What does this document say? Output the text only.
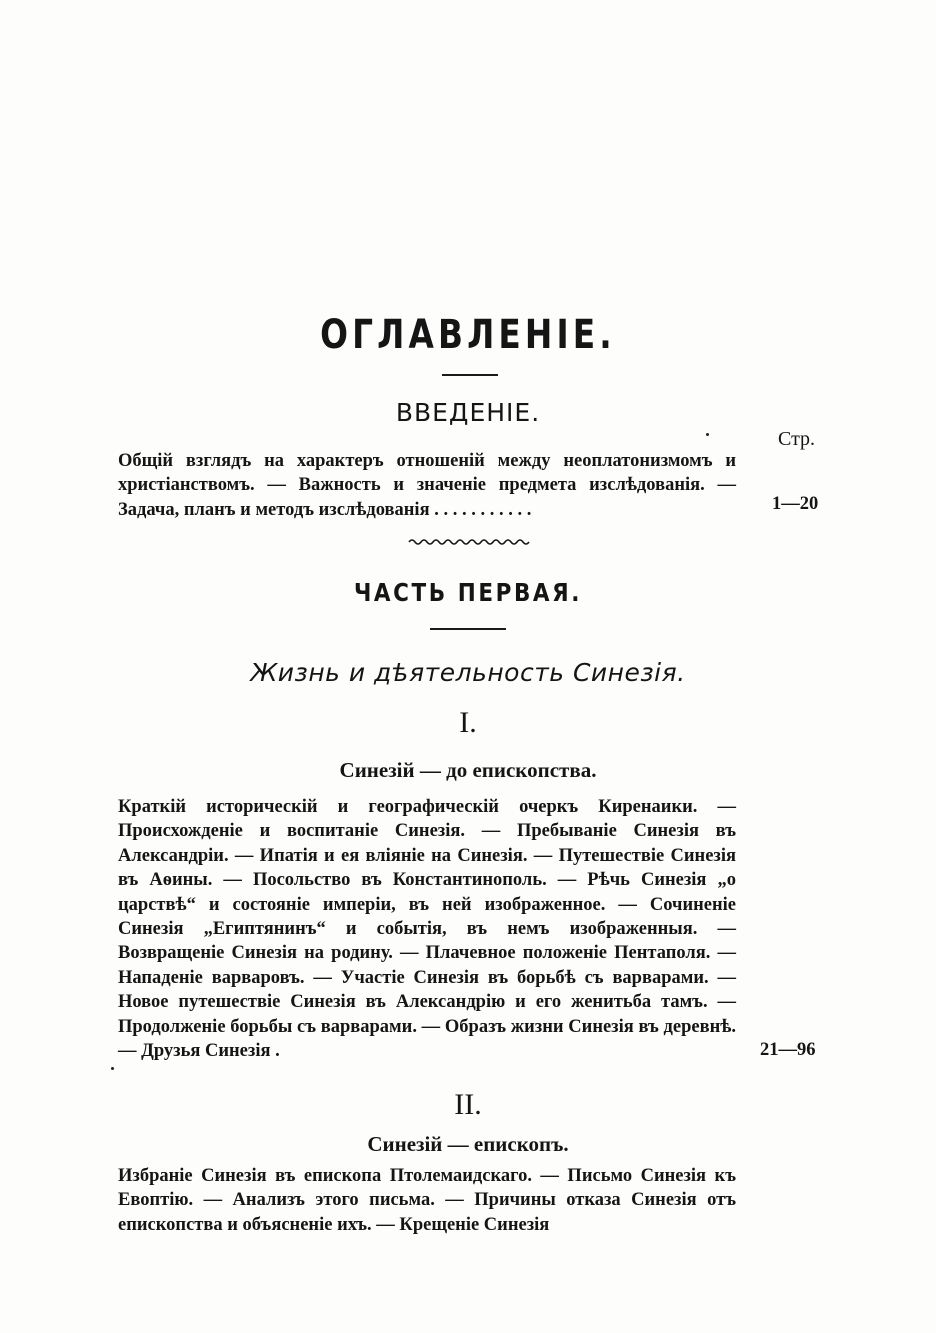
ОГЛАВЛЕНІЕ.
ВВЕДЕНІЕ.
Стр.
Общій взглядъ на характеръ отношеній между неоплатонизмомъ и христіанствомъ. — Важность и значеніе предмета изслѣдованія. — Задача, планъ и методъ изслѣдованія . . . . . . . . . . .	1—20
ЧАСТЬ ПЕРВАЯ.
Жизнь и дѣятельность Синезія.
I.
Синезій — до епископства.
Краткій историческій и географическій очеркъ Киренаики. — Происхожденіе и воспитаніе Синезія. — Пребываніе Синезія въ Александріи. — Ипатія и ея вліяніе на Синезія. — Путешествіе Синезія въ Аѳины. — Посольство въ Константинополь. — Рѣчь Синезія „о царствѣ“ и состояніе имперіи, въ ней изображенное. — Сочиненіе Синезія „Египтянинъ“ и событія, въ немъ изображенныя. — Возвращеніе Синезія на родину. — Плачевное положеніе Пентаполя. — Нападеніе варваровъ. — Участіе Синезія въ борьбѣ съ варварами. — Новое путешествіе Синезія въ Александрію и его женитьба тамъ. — Продолженіе борьбы съ варварами. — Образъ жизни Синезія въ деревнѣ. — Друзья Синезія .	21—96
II.
Синезій — епископъ.
Избраніе Синезія въ епископа Птолемаидскаго. — Письмо Синезія къ Евоптію. — Анализъ этого письма. — Причины отказа Синезія отъ епископства и объясненіе ихъ. — Крещеніе Синезія
